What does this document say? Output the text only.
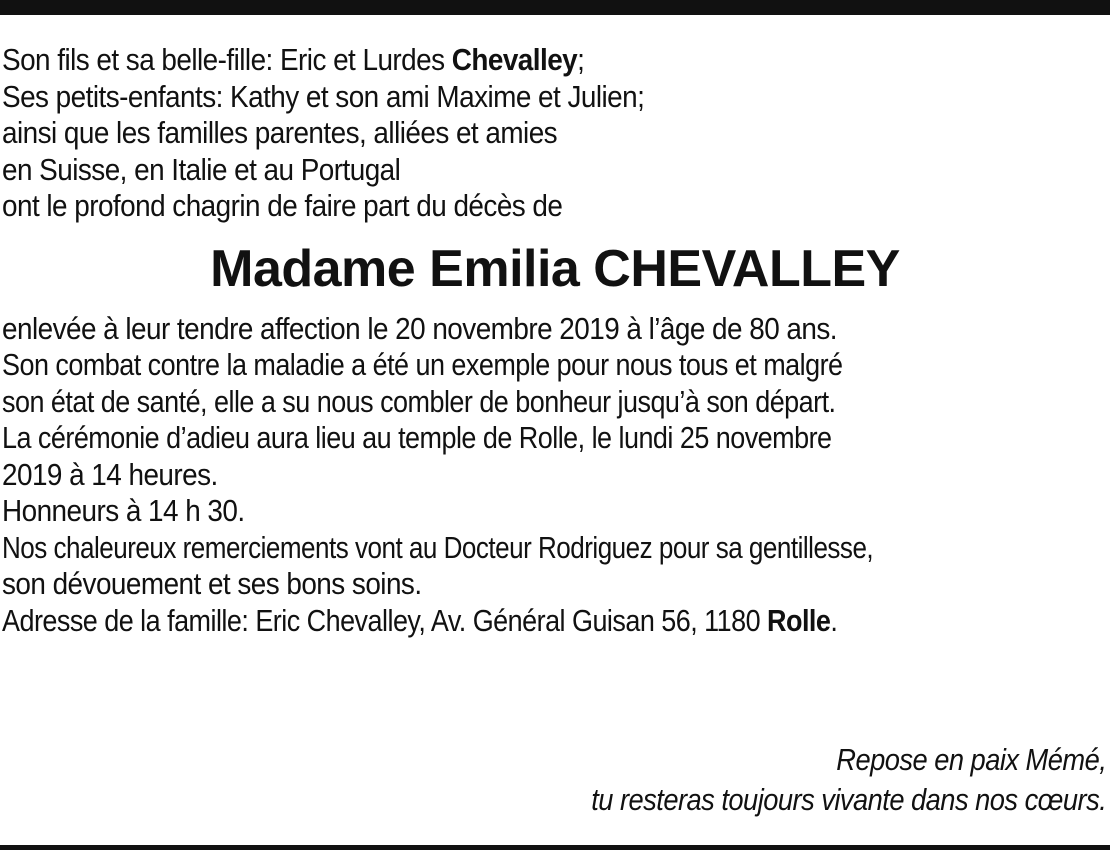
Son fils et sa belle-fille: Eric et Lurdes Chevalley;
Ses petits-enfants: Kathy et son ami Maxime et Julien;
ainsi que les familles parentes, alliées et amies
en Suisse, en Italie et au Portugal
ont le profond chagrin de faire part du décès de
Madame Emilia CHEVALLEY
enlevée à leur tendre affection le 20 novembre 2019 à l’âge de 80 ans.
Son combat contre la maladie a été un exemple pour nous tous et malgré
son état de santé, elle a su nous combler de bonheur jusqu’à son départ.
La cérémonie d’adieu aura lieu au temple de Rolle, le lundi 25 novembre
2019 à 14 heures.
Honneurs à 14 h 30.
Nos chaleureux remerciements vont au Docteur Rodriguez pour sa gentillesse,
son dévouement et ses bons soins.
Adresse de la famille: Eric Chevalley, Av. Général Guisan 56, 1180 Rolle.
Repose en paix Mémé,
tu resteras toujours vivante dans nos cœurs.
